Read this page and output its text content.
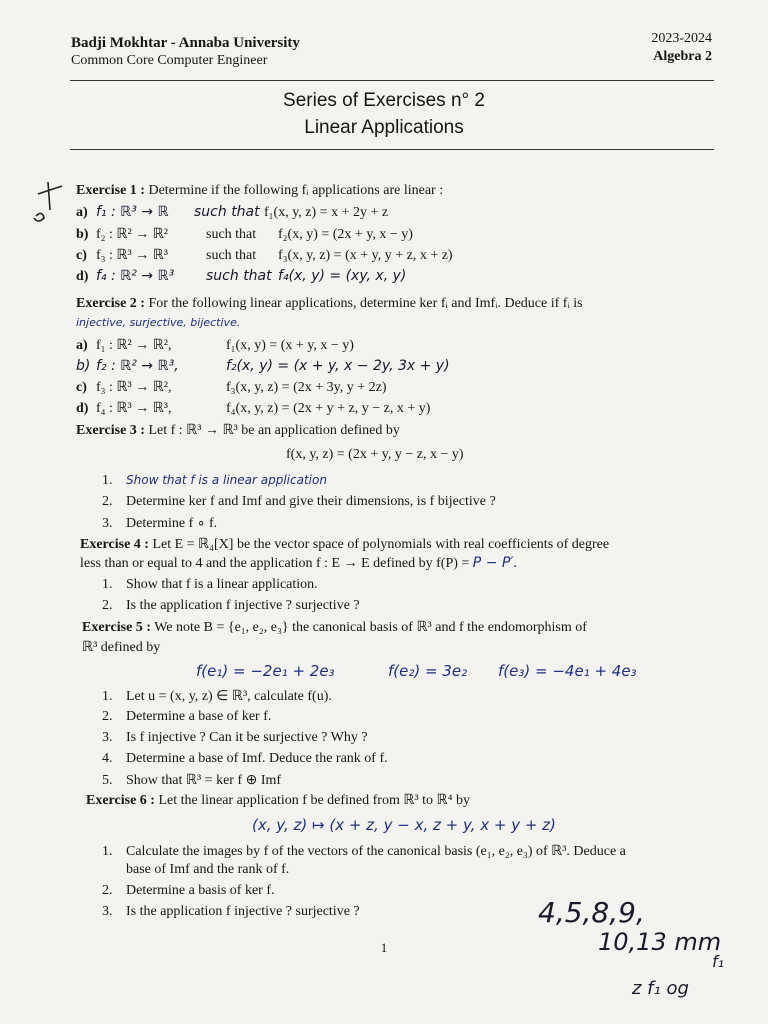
Badji Mokhtar - Annaba University
Common Core Computer Engineer
2023-2024
Algebra 2
Series of Exercises n° 2
Linear Applications
Exercise 1 : Determine if the following fᵢ applications are linear :
a) f₁ : ℝ³ → ℝ such that f₁(x, y, z) = x + 2y + z
b) f₂ : ℝ² → ℝ²	such that f₂(x, y) = (2x + y, x − y)
c) f₃ : ℝ³ → ℝ³	such that f₃(x, y, z) = (x + y, y + z, x + z)
d) f₄ : ℝ² → ℝ³ such that f₄(x, y) = (xy, x, y)
Exercise 2 : For the following linear applications, determine ker fᵢ and Imfᵢ. Deduce if fᵢ is
injective, surjective, bijective.
a) f₁ : ℝ² → ℝ²,	f₁(x, y) = (x + y, x − y)
b) f₂ : ℝ² → ℝ³,	f₂(x, y) = (x + y, x − 2y, 3x + y)
c) f₃ : ℝ³ → ℝ²,	f₃(x, y, z) = (2x + 3y, y + 2z)
d) f₄ : ℝ³ → ℝ³,	f₄(x, y, z) = (2x + y + z, y − z, x + y)
Exercise 3 : Let f : ℝ³ → ℝ³ be an application defined by
f(x, y, z) = (2x + y, y − z, x − y)
1. Show that f is a linear application
2. Determine ker f and Imf and give their dimensions, is f bijective ?
3. Determine f ∘ f.
Exercise 4 : Let E = ℝ₄[X] be the vector space of polynomials with real coefficients of degree
less than or equal to 4 and the application f : E → E defined by f(P) = P − P′.
1. Show that f is a linear application.
2. Is the application f injective ? surjective ?
Exercise 5 : We note B = {e₁, e₂, e₃} the canonical basis of ℝ³ and f the endomorphism of
ℝ³ defined by
f(e₁) = −2e₁ + 2e₃	f(e₂) = 3e₂ f(e₃) = −4e₁ + 4e₃
1. Let u = (x, y, z) ∈ ℝ³, calculate f(u).
2. Determine a base of ker f.
3. Is f injective ? Can it be surjective ? Why ?
4. Determine a base of Imf. Deduce the rank of f.
5. Show that ℝ³ = ker f ⊕ Imf
Exercise 6 : Let the linear application f be defined from ℝ³ to ℝ⁴ by
(x, y, z) ↦ (x + z, y − x, z + y, x + y + z)
1. Calculate the images by f of the vectors of the canonical basis (e₁, e₂, e₃) of ℝ³. Deduce a
base of Imf and the rank of f.
2. Determine a basis of ker f.
3. Is the application f injective ? surjective ?
1
4,5,8,9,
10,13 mm
f₁
z f₁ og
